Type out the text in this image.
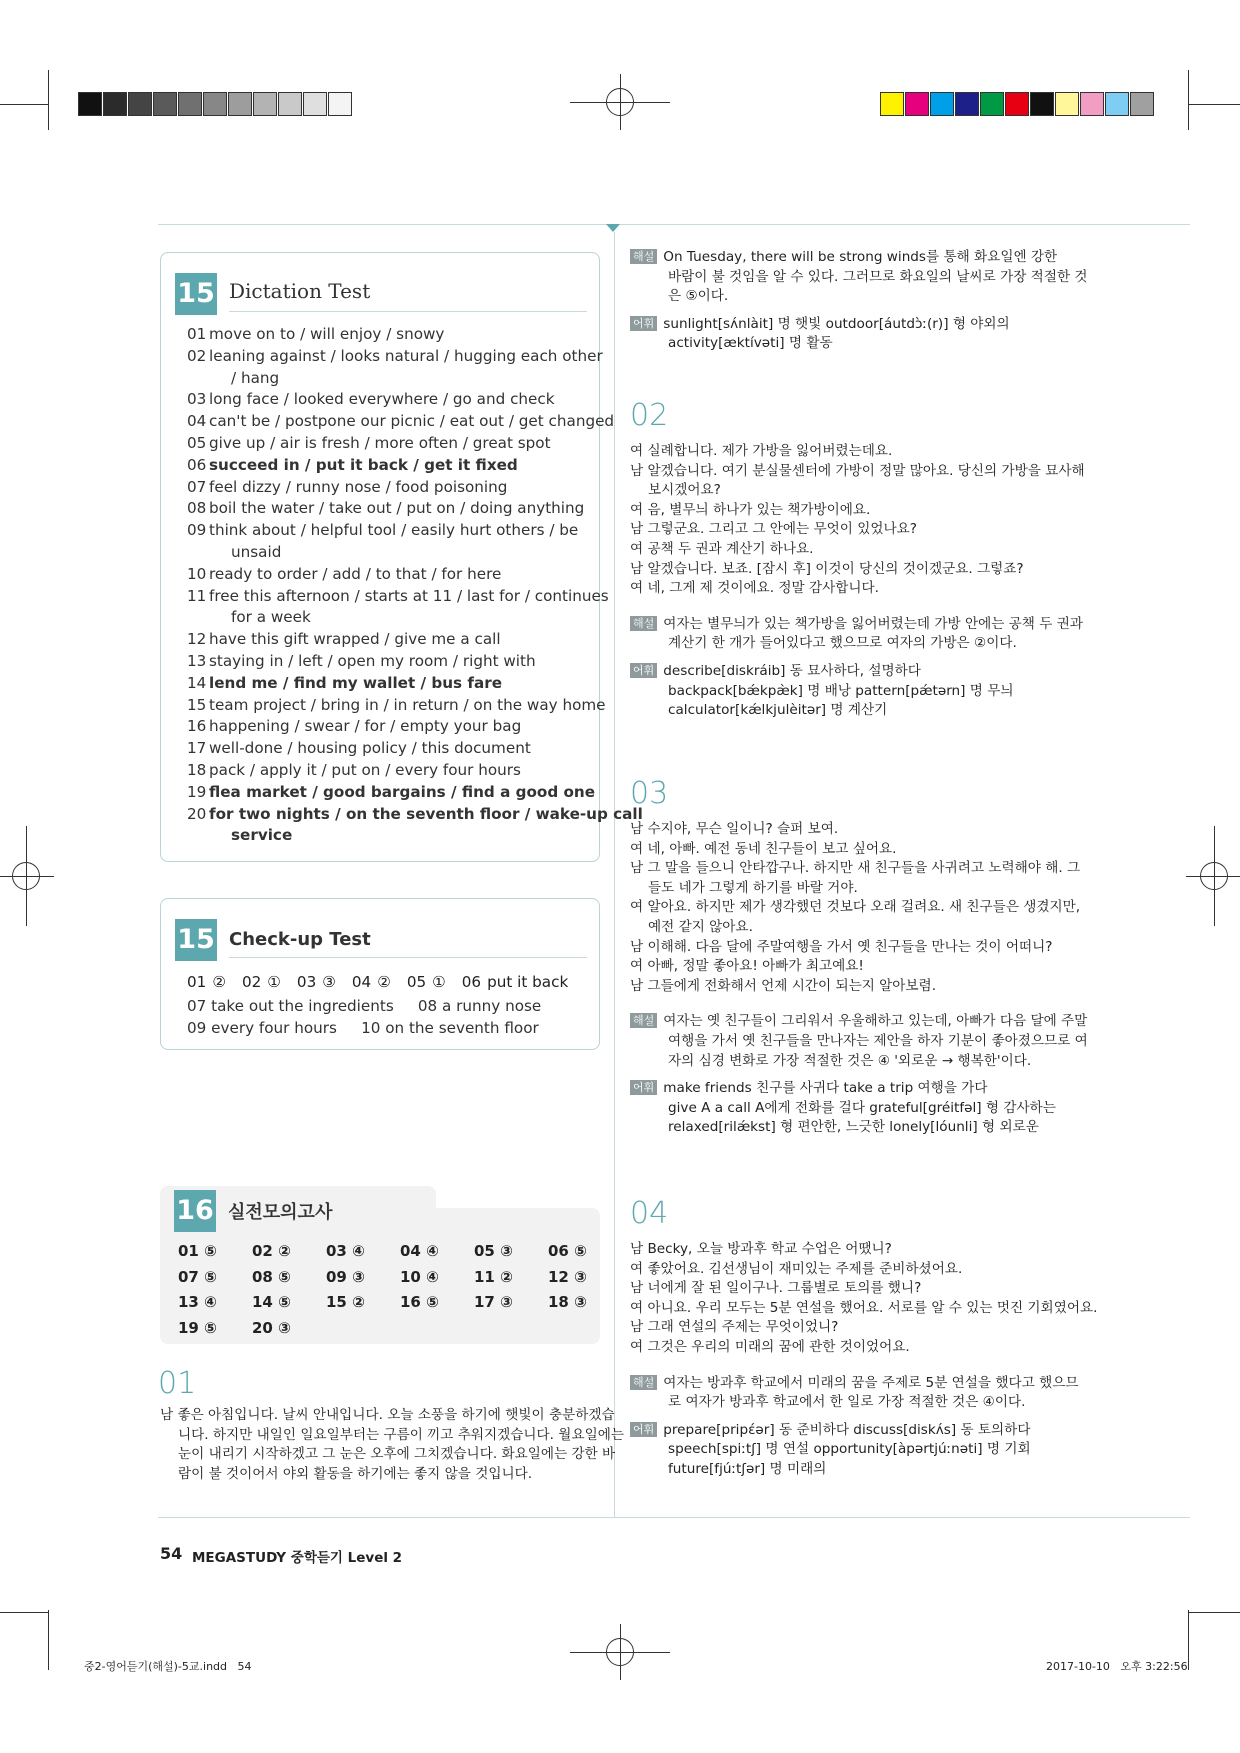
15 Dictation Test
01 move on to / will enjoy / snowy
02 leaning against / looks natural / hugging each other
/ hang
03 long face / looked everywhere / go and check
04 can't be / postpone our picnic / eat out / get changed
05 give up / air is fresh / more often / great spot
06 succeed in / put it back / get it fixed
07 feel dizzy / runny nose / food poisoning
08 boil the water / take out / put on / doing anything
09 think about / helpful tool / easily hurt others / be
unsaid
10 ready to order / add / to that / for here
11 free this afternoon / starts at 11 / last for / continues
for a week
12 have this gift wrapped / give me a call
13 staying in / left / open my room / right with
14 lend me / find my wallet / bus fare
15 team project / bring in / in return / on the way home
16 happening / swear / for / empty your bag
17 well-done / housing policy / this document
18 pack / apply it / put on / every four hours
19 flea market / good bargains / find a good one
20 for two nights / on the seventh floor / wake-up call
service
15 Check-up Test
01 ② 02 ① 03 ③ 04 ② 05 ① 06 put it back
07 take out the ingredients     08 a runny nose
09 every four hours     10 on the seventh floor
16 실전모의고사
01 ⑤ 02 ② 03 ④ 04 ④ 05 ③ 06 ⑤
07 ⑤ 08 ⑤ 09 ③ 10 ④ 11 ② 12 ③
13 ④ 14 ⑤ 15 ② 16 ⑤ 17 ③ 18 ③
19 ⑤ 20 ③
01
남 좋은 아침입니다. 날씨 안내입니다. 오늘 소풍을 하기에 햇빛이 충분하겠습
니다. 하지만 내일인 일요일부터는 구름이 끼고 추워지겠습니다. 월요일에는
눈이 내리기 시작하겠고 그 눈은 오후에 그치겠습니다. 화요일에는 강한 바
람이 불 것이어서 야외 활동을 하기에는 좋지 않을 것입니다.
해설 On Tuesday, there will be strong winds를 통해 화요일엔 강한
바람이 불 것임을 알 수 있다. 그러므로 화요일의 날씨로 가장 적절한 것
은 ⑤이다.
어휘 sunlight[sʌ́nlàit] 명 햇빛 outdoor[áutdɔ̀ː(r)] 형 야외의
activity[æktívəti] 명 활동
02
여 실례합니다. 제가 가방을 잃어버렸는데요.
남 알겠습니다. 여기 분실물센터에 가방이 정말 많아요. 당신의 가방을 묘사해
보시겠어요?
여 음, 별무늬 하나가 있는 책가방이에요.
남 그렇군요. 그리고 그 안에는 무엇이 있었나요?
여 공책 두 권과 계산기 하나요.
남 알겠습니다. 보죠. [잠시 후] 이것이 당신의 것이겠군요. 그렇죠?
여 네, 그게 제 것이에요. 정말 감사합니다.
해설 여자는 별무늬가 있는 책가방을 잃어버렸는데 가방 안에는 공책 두 권과
계산기 한 개가 들어있다고 했으므로 여자의 가방은 ②이다.
어휘 describe[diskráib] 동 묘사하다, 설명하다
backpack[bǽkpæ̀k] 명 배낭 pattern[pǽtərn] 명 무늬
calculator[kǽlkjulèitər] 명 계산기
03
남 수지야, 무슨 일이니? 슬퍼 보여.
여 네, 아빠. 예전 동네 친구들이 보고 싶어요.
남 그 말을 들으니 안타깝구나. 하지만 새 친구들을 사귀려고 노력해야 해. 그
들도 네가 그렇게 하기를 바랄 거야.
여 알아요. 하지만 제가 생각했던 것보다 오래 걸려요. 새 친구들은 생겼지만,
예전 같지 않아요.
남 이해해. 다음 달에 주말여행을 가서 옛 친구들을 만나는 것이 어떠니?
여 아빠, 정말 좋아요! 아빠가 최고예요!
남 그들에게 전화해서 언제 시간이 되는지 알아보렴.
해설 여자는 옛 친구들이 그리워서 우울해하고 있는데, 아빠가 다음 달에 주말
여행을 가서 옛 친구들을 만나자는 제안을 하자 기분이 좋아졌으므로 여
자의 심경 변화로 가장 적절한 것은 ④ '외로운 → 행복한'이다.
어휘 make friends 친구를 사귀다 take a trip 여행을 가다
give A a call A에게 전화를 걸다 grateful[gréitfəl] 형 감사하는
relaxed[rilǽkst] 형 편안한, 느긋한 lonely[lóunli] 형 외로운
04
남 Becky, 오늘 방과후 학교 수업은 어땠니?
여 좋았어요. 김선생님이 재미있는 주제를 준비하셨어요.
남 너에게 잘 된 일이구나. 그룹별로 토의를 했니?
여 아니요. 우리 모두는 5분 연설을 했어요. 서로를 알 수 있는 멋진 기회였어요.
남 그래 연설의 주제는 무엇이었니?
여 그것은 우리의 미래의 꿈에 관한 것이었어요.
해설 여자는 방과후 학교에서 미래의 꿈을 주제로 5분 연설을 했다고 했으므
로 여자가 방과후 학교에서 한 일로 가장 적절한 것은 ④이다.
어휘 prepare[pripέər] 동 준비하다 discuss[diskʌ́s] 동 토의하다
speech[spiːtʃ] 명 연설 opportunity[àpərtjúːnəti] 명 기회
future[fjúːtʃər] 명 미래의
54 MEGASTUDY 중학듣기 Level 2
중2-영어듣기(해설)-5교.indd   54	2017-10-10   오후 3:22:56
